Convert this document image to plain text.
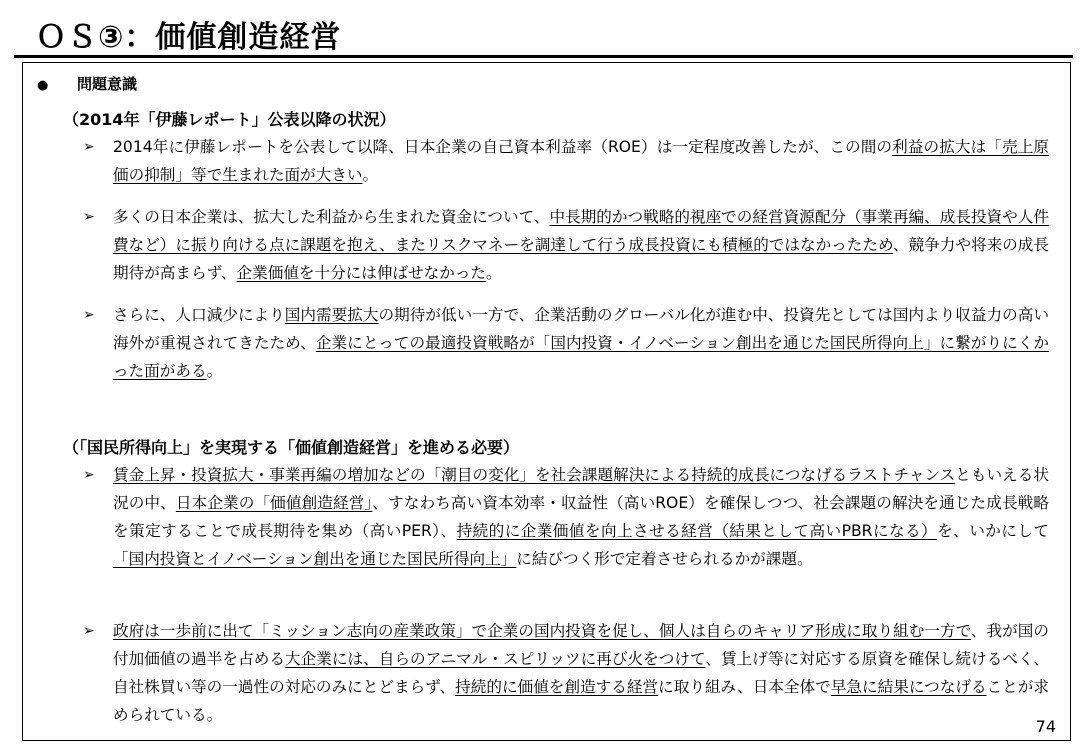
ＯＳ③：価値創造経営
● 問題意識
（2014年「伊藤レポート」公表以降の状況）
➢ 2014年に伊藤レポートを公表して以降、日本企業の自己資本利益率（ROE）は一定程度改善したが、この間の利益の拡大は「売上原価の抑制」等で生まれた面が大きい。
➢ 多くの日本企業は、拡大した利益から生まれた資金について、中長期的かつ戦略的視座での経営資源配分（事業再編、成長投資や人件費など）に振り向ける点に課題を抱え、またリスクマネーを調達して行う成長投資にも積極的ではなかったため、競争力や将来の成長期待が高まらず、企業価値を十分には伸ばせなかった。
➢ さらに、人口減少により国内需要拡大の期待が低い一方で、企業活動のグローバル化が進む中、投資先としては国内より収益力の高い海外が重視されてきたため、企業にとっての最適投資戦略が「国内投資・イノベーション創出を通じた国民所得向上」に繋がりにくかった面がある。
（「国民所得向上」を実現する「価値創造経営」を進める必要）
➢ 賃金上昇・投資拡大・事業再編の増加などの「潮目の変化」を社会課題解決による持続的成長につなげるラストチャンスともいえる状況の中、日本企業の「価値創造経営」、すなわち高い資本効率・収益性（高いROE）を確保しつつ、社会課題の解決を通じた成長戦略を策定することで成長期待を集め（高いPER）、持続的に企業価値を向上させる経営（結果として高いPBRになる）を、いかにして「国内投資とイノベーション創出を通じた国民所得向上」に結びつく形で定着させられるかが課題。
➢ 政府は一歩前に出て「ミッション志向の産業政策」で企業の国内投資を促し、個人は自らのキャリア形成に取り組む一方で、我が国の付加価値の過半を占める大企業には、自らのアニマル・スピリッツに再び火をつけて、賃上げ等に対応する原資を確保し続けるべく、自社株買い等の一過性の対応のみにとどまらず、持続的に価値を創造する経営に取り組み、日本全体で早急に結果につなげることが求められている。
74
